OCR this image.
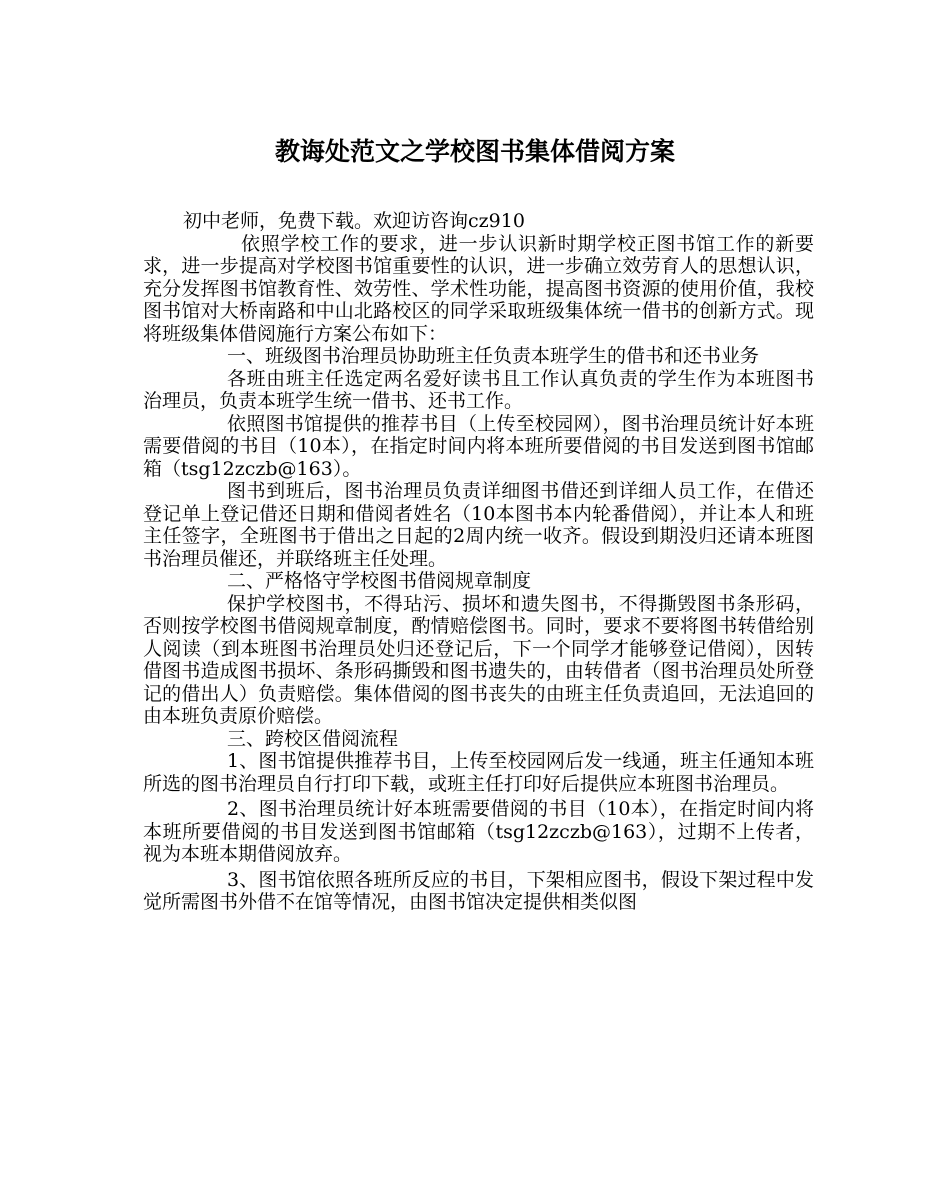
教诲处范文之学校图书集体借阅方案

初中老师，免费下载。欢迎访咨询cz910

依照学校工作的要求，进一步认识新时期学校正图书馆工作的新要求，进一步提高对学校图书馆重要性的认识，进一步确立效劳育人的思想认识，充分发挥图书馆教育性、效劳性、学术性功能，提高图书资源的使用价值，我校图书馆对大桥南路和中山北路校区的同学采取班级集体统一借书的创新方式。现将班级集体借阅施行方案公布如下：

一、班级图书治理员协助班主任负责本班学生的借书和还书业务

各班由班主任选定两名爱好读书且工作认真负责的学生作为本班图书治理员，负责本班学生统一借书、还书工作。

依照图书馆提供的推荐书目（上传至校园网），图书治理员统计好本班需要借阅的书目（10本），在指定时间内将本班所要借阅的书目发送到图书馆邮箱（tsg12zczb@163）。

图书到班后，图书治理员负责详细图书借还到详细人员工作，在借还登记单上登记借还日期和借阅者姓名（10本图书本内轮番借阅），并让本人和班主任签字，全班图书于借出之日起的2周内统一收齐。假设到期没归还请本班图书治理员催还，并联络班主任处理。

二、严格恪守学校图书借阅规章制度

保护学校图书，不得玷污、损坏和遗失图书，不得撕毁图书条形码，否则按学校图书借阅规章制度，酌情赔偿图书。同时，要求不要将图书转借给别人阅读（到本班图书治理员处归还登记后，下一个同学才能够登记借阅），因转借图书造成图书损坏、条形码撕毁和图书遗失的，由转借者（图书治理员处所登记的借出人）负责赔偿。集体借阅的图书丧失的由班主任负责追回，无法追回的由本班负责原价赔偿。

三、跨校区借阅流程

1、图书馆提供推荐书目，上传至校园网后发一线通，班主任通知本班所选的图书治理员自行打印下载，或班主任打印好后提供应本班图书治理员。

2、图书治理员统计好本班需要借阅的书目（10本），在指定时间内将本班所要借阅的书目发送到图书馆邮箱（tsg12zczb@163），过期不上传者，视为本班本期借阅放弃。

3、图书馆依照各班所反应的书目，下架相应图书，假设下架过程中发觉所需图书外借不在馆等情况，由图书馆决定提供相类似图
